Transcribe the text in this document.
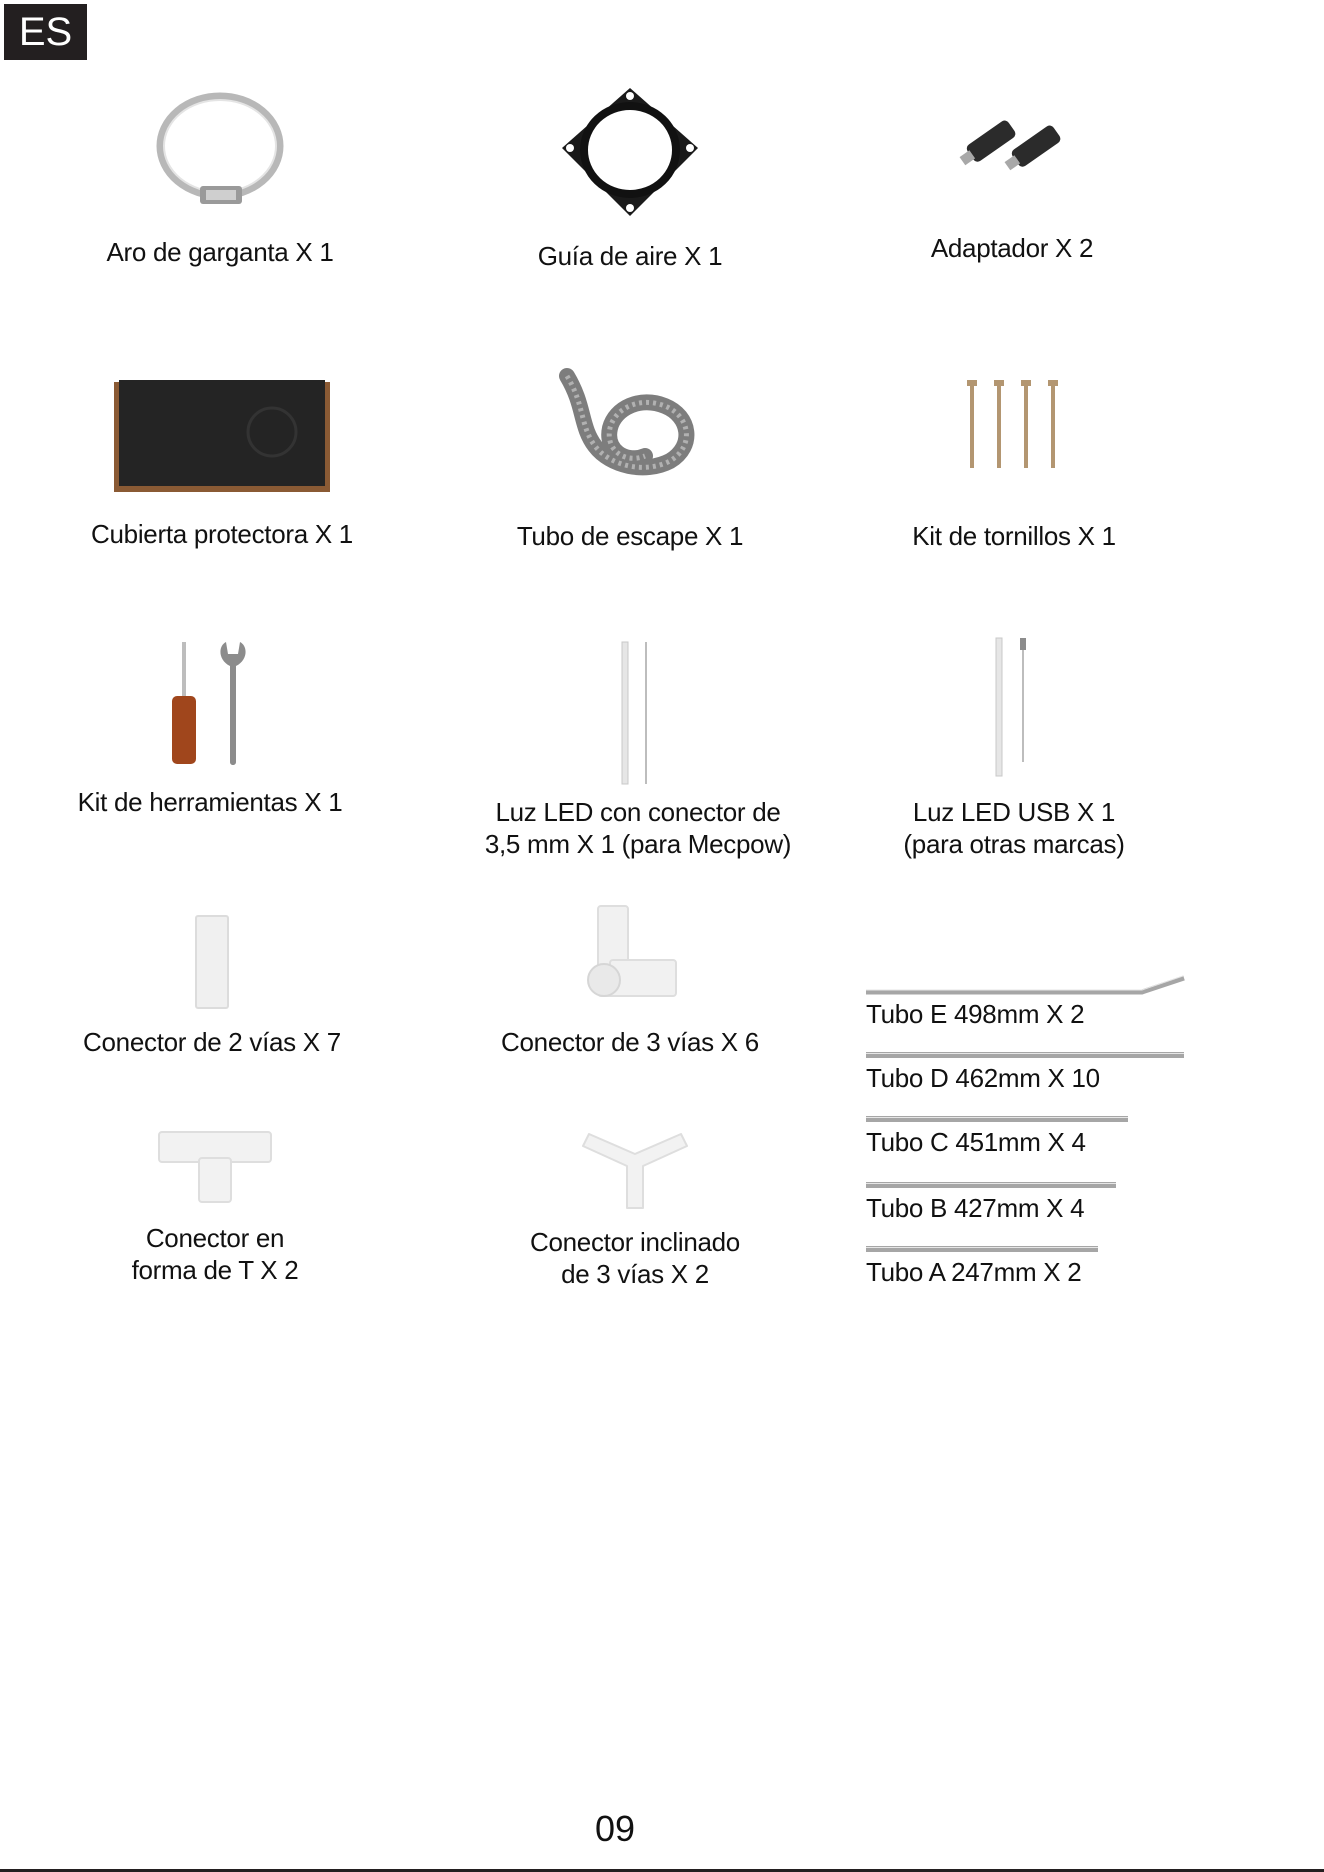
ES
Aro de garganta X 1	Guía de aire X 1	Adaptador X 2
Cubierta protectora X 1	Tubo de escape X 1	Kit de tornillos X 1
Kit de herramientas X 1	Luz LED con conector de
3,5 mm X 1 (para Mecpow)
Luz LED USB X 1
(para otras marcas)
Conector de 2 vías X 7	Conector de 3 vías X 6
Conector en
forma de T X 2
Conector inclinado
de 3 vías X 2
Tubo E 498mm X 2
Tubo D 462mm X 10
Tubo C 451mm X 4
Tubo B 427mm X 4
Tubo A 247mm X 2
09
